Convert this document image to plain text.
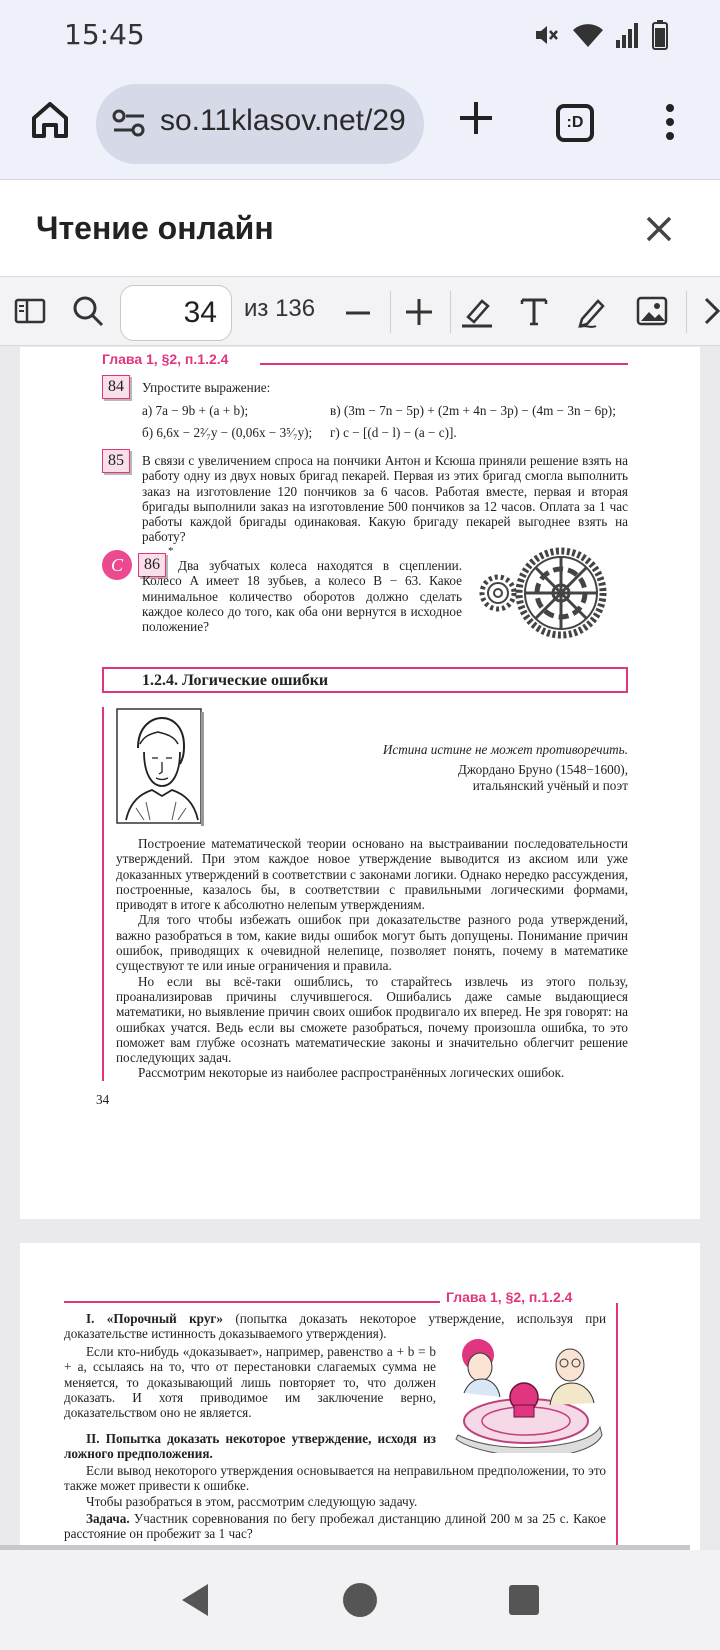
15:45
so.11klasov.net/29	:D
Чтение онлайн
34	из 136
Глава 1, §2, п.1.2.4
84	Упростите выражение:
а) 7a − 9b + (a + b);	в) (3m − 7n − 5p) + (2m + 4n − 3p) − (4m − 3n − 6p);
б) 6,6x − 2²⁄₇y − (0,06x − 3⁵⁄₇y); г) c − [(d − l) − (a − c)].
85	В связи с увеличением спроса на пончики Антон и Ксюша приняли решение взять на работу одну из двух новых бригад пекарей. Первая из этих бригад смогла выполнить заказ на изготовление 120 пончиков за 6 часов. Работая вместе, первая и вторая бригады выполнили заказ на изготовление 500 пончиков за 12 часов. Оплата за 1 час работы каждой бригады одинаковая. Какую бригаду пекарей выгоднее взять на работу?
C	86
*
Два зубчатых колеса находятся в сцеплении. Колесо A имеет 18 зубьев, а колесо B − 63. Какое минимальное количество оборотов должно сделать каждое колесо до того, как оба они вернутся в исходное положение?
1.2.4. Логические ошибки
Истина истине не может противоречить.
Джордано Бруно (1548−1600),
итальянский учёный и поэт

Построение математической теории основано на выстраивании последовательности утверждений. При этом каждое новое утверждение выводится из аксиом или уже доказанных утверждений в соответствии с законами логики. Однако нередко рассуждения, построенные, казалось бы, в соответствии с правильными логическими формами, приводят в итоге к абсолютно нелепым утверждениям.

Для того чтобы избежать ошибок при доказательстве разного рода утверждений, важно разобраться в том, какие виды ошибок могут быть допущены. Понимание причин ошибок, приводящих к очевидной нелепице, позволяет понять, почему в математике существуют те или иные ограничения и правила.

Но если вы всё-таки ошиблись, то старайтесь извлечь из этого пользу, проанализировав причины случившегося. Ошибались даже самые выдающиеся математики, но выявление причин своих ошибок продвигало их вперед. Не зря говорят: на ошибках учатся. Ведь если вы сможете разобраться, почему произошла ошибка, то это поможет вам глубже осознать математические законы и значительно облегчит решение последующих задач.

Рассмотрим некоторые из наиболее распространённых логических ошибок.

34
Глава 1, §2, п.1.2.4

I. «Порочный круг» (попытка доказать некоторое утверждение, используя при доказательстве истинность доказываемого утверждения).

Если кто-нибудь «доказывает», например, равенство a + b = b + a, ссылаясь на то, что от перестановки слагаемых сумма не меняется, то доказывающий лишь повторяет то, что должен доказать. И хотя приводимое им заключение верно, доказательством оно не является.

II. Попытка доказать некоторое утверждение, исходя из ложного предположения.

Если вывод некоторого утверждения основывается на неправильном предположении, то это также может привести к ошибке.

Чтобы разобраться в этом, рассмотрим следующую задачу.

Задача. Участник соревнования по бегу пробежал дистанцию длиной 200 м за 25 с. Какое расстояние он пробежит за 1 час?
